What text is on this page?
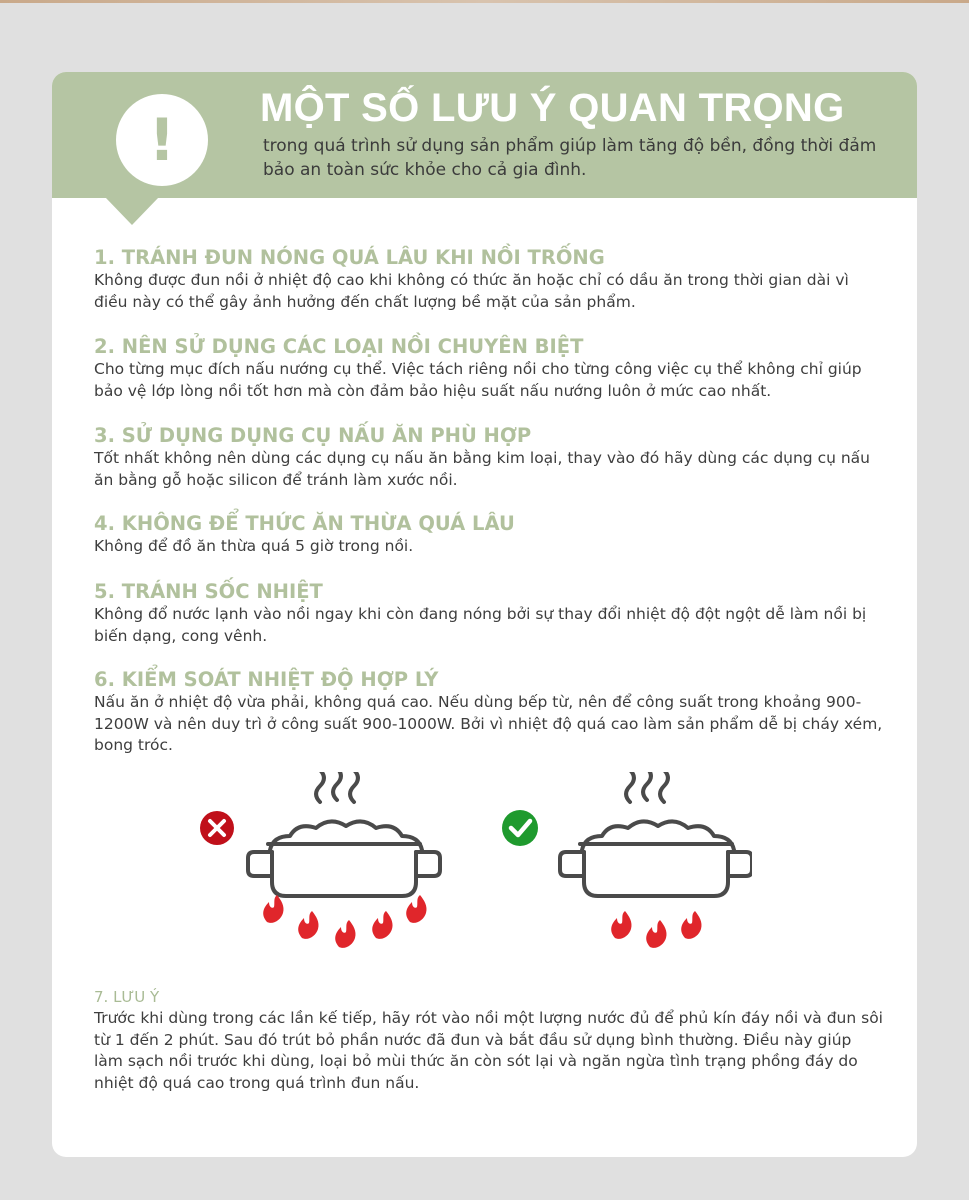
! MỘT SỐ LƯU Ý QUAN TRỌNG
trong quá trình sử dụng sản phẩm giúp làm tăng độ bền, đồng thời đảm bảo an toàn sức khỏe cho cả gia đình.
1. TRÁNH ĐUN NÓNG QUÁ LÂU KHI NỒI TRỐNG

Không được đun nồi ở nhiệt độ cao khi không có thức ăn hoặc chỉ có dầu ăn trong thời gian dài vì điều này có thể gây ảnh hưởng đến chất lượng bề mặt của sản phẩm.

2. NÊN SỬ DỤNG CÁC LOẠI NỒI CHUYÊN BIỆT

Cho từng mục đích nấu nướng cụ thể. Việc tách riêng nồi cho từng công việc cụ thể không chỉ giúp bảo vệ lớp lòng nồi tốt hơn mà còn đảm bảo hiệu suất nấu nướng luôn ở mức cao nhất.

3. SỬ DỤNG DỤNG CỤ NẤU ĂN PHÙ HỢP

Tốt nhất không nên dùng các dụng cụ nấu ăn bằng kim loại, thay vào đó hãy dùng các dụng cụ nấu ăn bằng gỗ hoặc silicon để tránh làm xước nồi.

4. KHÔNG ĐỂ THỨC ĂN THỪA QUÁ LÂU

Không để đồ ăn thừa quá 5 giờ trong nồi.

5. TRÁNH SỐC NHIỆT

Không đổ nước lạnh vào nồi ngay khi còn đang nóng bởi sự thay đổi nhiệt độ đột ngột dễ làm nồi bị biến dạng, cong vênh.

6. KIỂM SOÁT NHIỆT ĐỘ HỢP LÝ

Nấu ăn ở nhiệt độ vừa phải, không quá cao. Nếu dùng bếp từ, nên để công suất trong khoảng 900-1200W và nên duy trì ở công suất 900-1000W. Bởi vì nhiệt độ quá cao làm sản phẩm dễ bị cháy xém, bong tróc.

7. LƯU Ý

Trước khi dùng trong các lần kế tiếp, hãy rót vào nồi một lượng nước đủ để phủ kín đáy nồi và đun sôi từ 1 đến 2 phút. Sau đó trút bỏ phần nước đã đun và bắt đầu sử dụng bình thường. Điều này giúp làm sạch nồi trước khi dùng, loại bỏ mùi thức ăn còn sót lại và ngăn ngừa tình trạng phồng đáy do nhiệt độ quá cao trong quá trình đun nấu.
